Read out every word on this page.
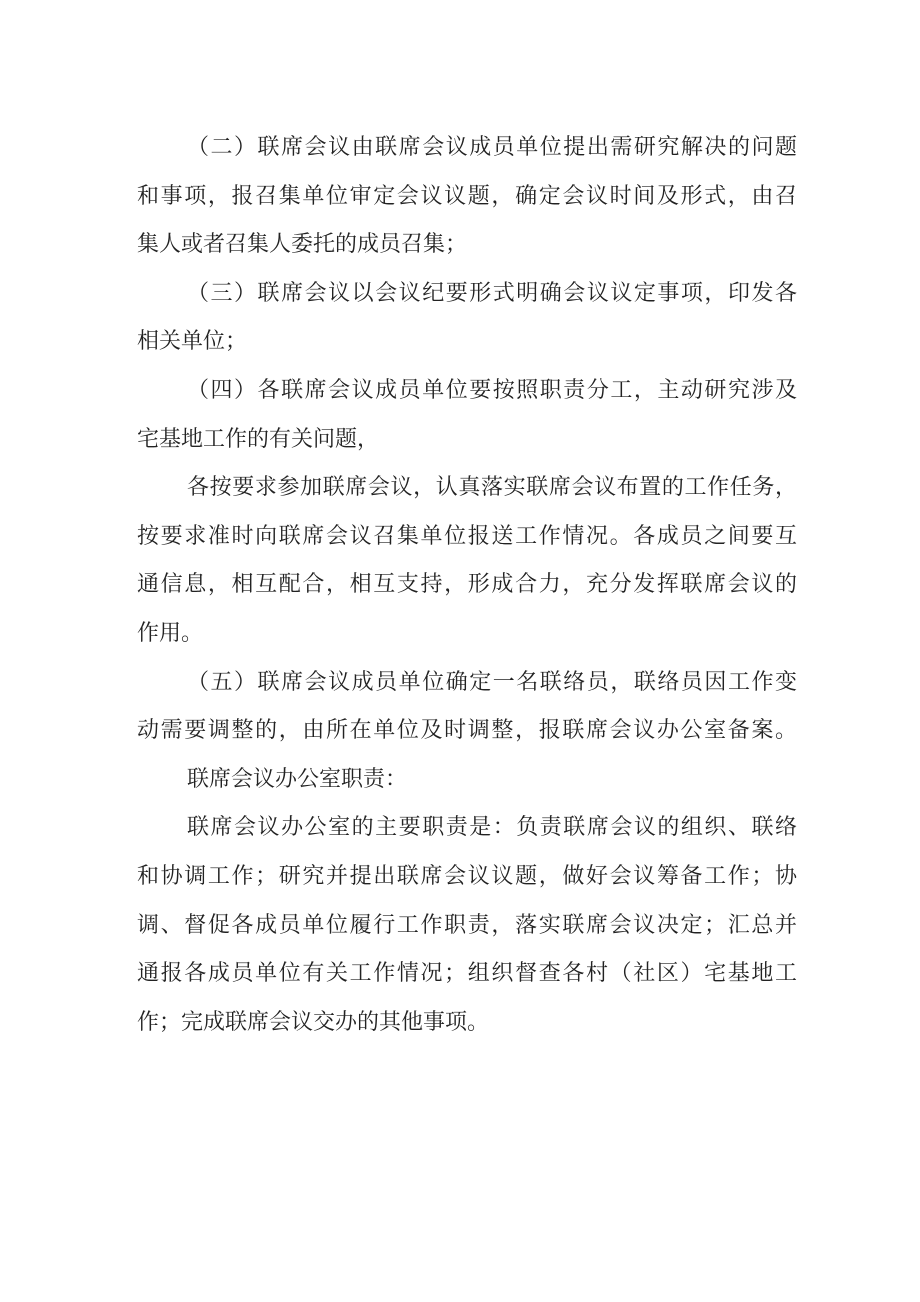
（二）联席会议由联席会议成员单位提出需研究解决的问题
和事项，报召集单位审定会议议题，确定会议时间及形式，由召
集人或者召集人委托的成员召集；
（三）联席会议以会议纪要形式明确会议议定事项，印发各
相关单位；
（四）各联席会议成员单位要按照职责分工，主动研究涉及
宅基地工作的有关问题，
各按要求参加联席会议，认真落实联席会议布置的工作任务，
按要求准时向联席会议召集单位报送工作情况。各成员之间要互
通信息，相互配合，相互支持，形成合力，充分发挥联席会议的
作用。
（五）联席会议成员单位确定一名联络员，联络员因工作变
动需要调整的，由所在单位及时调整，报联席会议办公室备案。
联席会议办公室职责：
联席会议办公室的主要职责是：负责联席会议的组织、联络
和协调工作；研究并提出联席会议议题，做好会议筹备工作；协
调、督促各成员单位履行工作职责，落实联席会议决定；汇总并
通报各成员单位有关工作情况；组织督查各村（社区）宅基地工
作；完成联席会议交办的其他事项。
